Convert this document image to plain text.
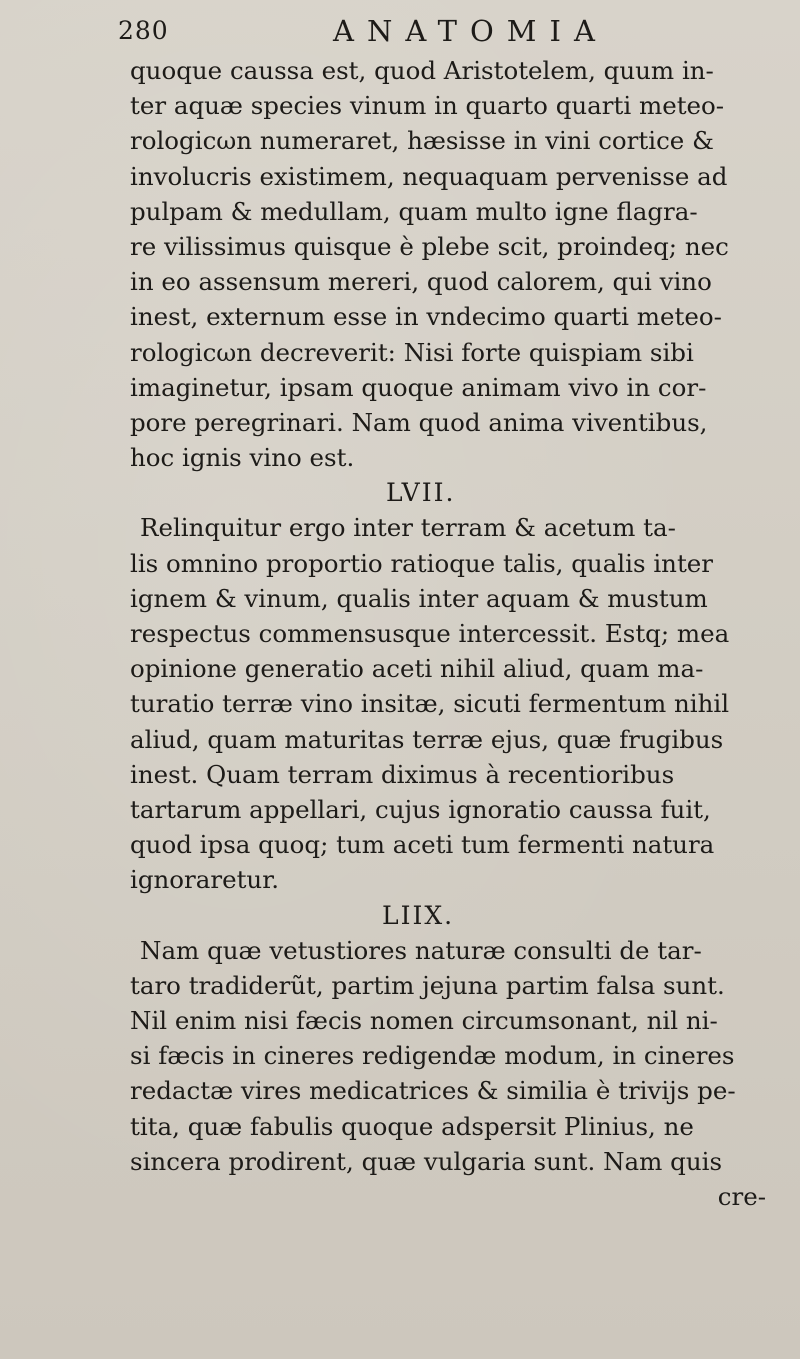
280	ANATOMIA
quoque caussa est, quod Aristotelem, quum in-
ter aquæ species vinum in quarto quarti meteo-
rologicωn numeraret, hæsisse in vini cortice &
involucris existimem, nequaquam pervenisse ad
pulpam & medullam, quam multo igne flagra-
re vilissimus quisque è plebe scit, proindeq; nec
in eo assensum mereri, quod calorem, qui vino
inest, externum esse in vndecimo quarti meteo-
rologicωn decreverit: Nisi forte quispiam sibi
imaginetur, ipsam quoque animam vivo in cor-
pore peregrinari. Nam quod anima viventibus,
hoc ignis vino est.
LVII.
Relinquitur ergo inter terram & acetum ta-
lis omnino proportio ratioque talis, qualis inter
ignem & vinum, qualis inter aquam & mustum
respectus commensusque intercessit. Estq; mea
opinione generatio aceti nihil aliud, quam ma-
turatio terræ vino insitæ, sicuti fermentum nihil
aliud, quam maturitas terræ ejus, quæ frugibus
inest. Quam terram diximus à recentioribus
tartarum appellari, cujus ignoratio caussa fuit,
quod ipsa quoq; tum aceti tum fermenti natura
ignoraretur.
LIIX.
Nam quæ vetustiores naturæ consulti de tar-
taro tradiderũt, partim jejuna partim falsa sunt.
Nil enim nisi fæcis nomen circumsonant, nil ni-
si fæcis in cineres redigendæ modum, in cineres
redactæ vires medicatrices & similia è trivijs pe-
tita, quæ fabulis quoque adspersit Plinius, ne
sincera prodirent, quæ vulgaria sunt. Nam quis
cre-
